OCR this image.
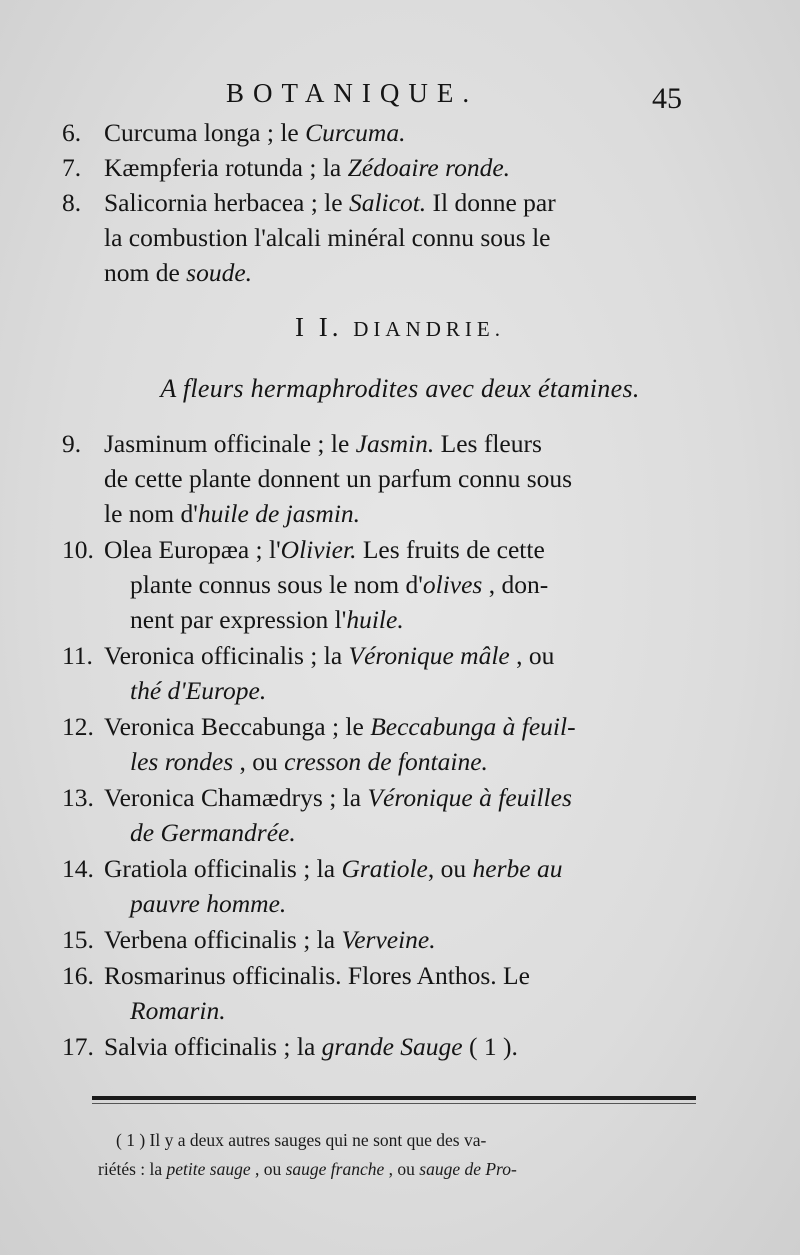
BOTANIQUE.	45
6. Curcuma longa ; le Curcuma.
7. Kæmpferia rotunda ; la Zédoaire ronde.
8. Salicornia herbacea ; le Salicot. Il donne par
la combustion l'alcali minéral connu sous le
nom de soude.
I I. DIANDRIE.
A fleurs hermaphrodites avec deux étamines.
9. Jasminum officinale ; le Jasmin. Les fleurs
de cette plante donnent un parfum connu sous
le nom d'huile de jasmin.
10. Olea Europæa ; l'Olivier. Les fruits de cette
plante connus sous le nom d'olives , don-
nent par expression l'huile.
11. Veronica officinalis ; la Véronique mâle , ou
thé d'Europe.
12. Veronica Beccabunga ; le Beccabunga à feuil-
les rondes , ou cresson de fontaine.
13. Veronica Chamædrys ; la Véronique à feuilles
de Germandrée.
14. Gratiola officinalis ; la Gratiole, ou herbe au
pauvre homme.
15. Verbena officinalis ; la Verveine.
16. Rosmarinus officinalis. Flores Anthos. Le
Romarin.
17. Salvia officinalis ; la grande Sauge ( 1 ).
( 1 ) Il y a deux autres sauges qui ne sont que des va-
riétés : la petite sauge , ou sauge franche , ou sauge de Pro-
